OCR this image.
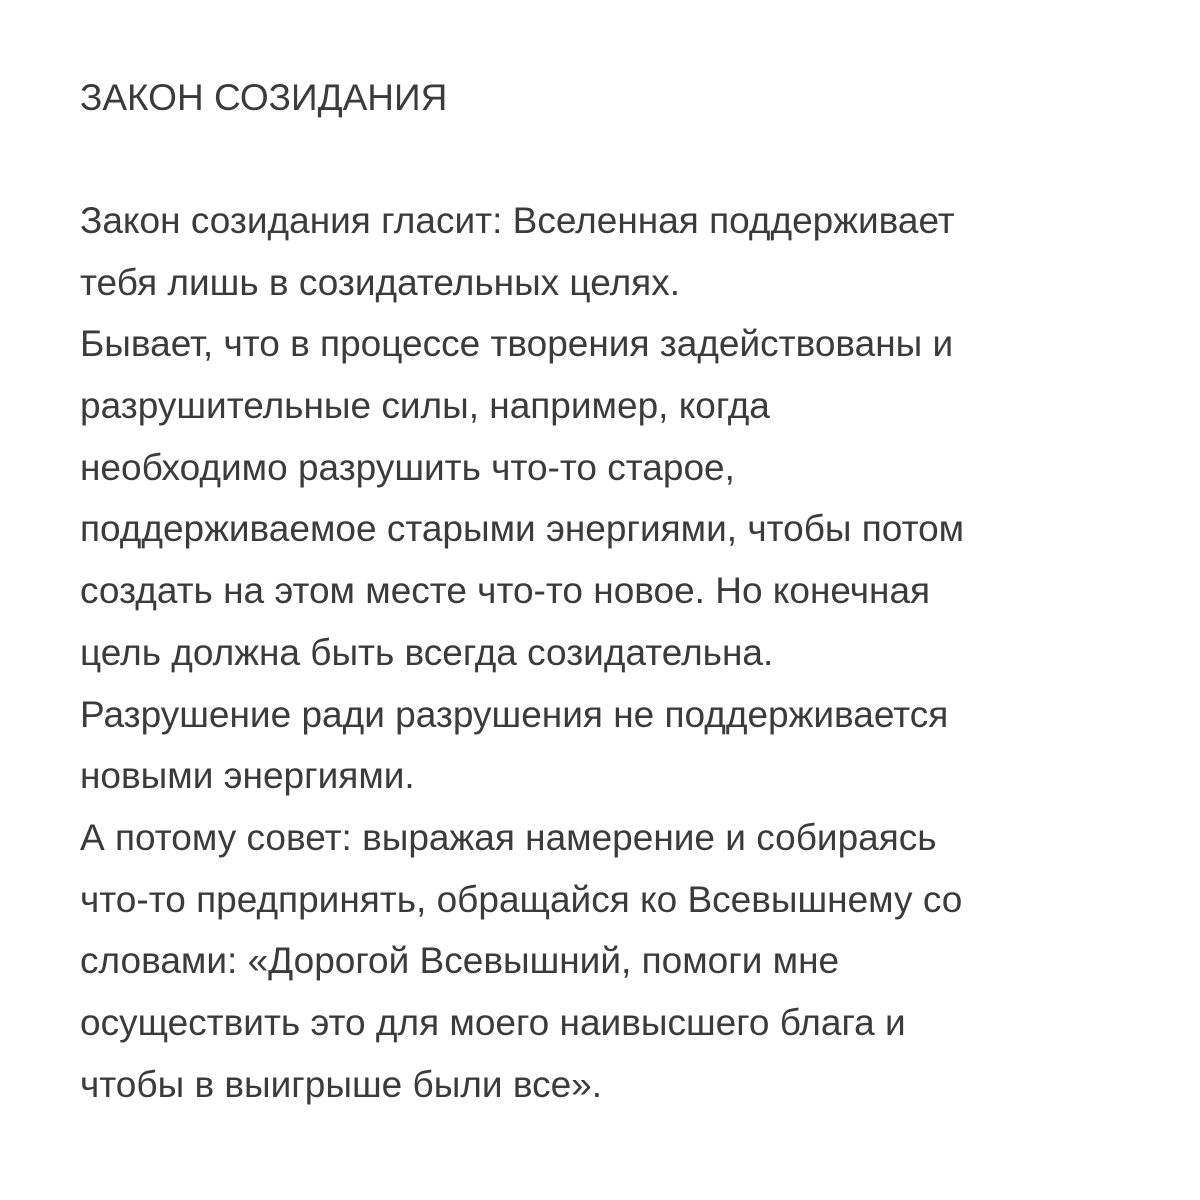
ЗАКОН СОЗИДАНИЯ
Закон созидания гласит: Вселенная поддерживает
тебя лишь в созидательных целях.
Бывает, что в процессе творения задействованы и
разрушительные силы, например, когда
необходимо разрушить что-то старое,
поддерживаемое старыми энергиями, чтобы потом
создать на этом месте что-то новое. Но конечная
цель должна быть всегда созидательна.
Разрушение ради разрушения не поддерживается
новыми энергиями.
А потому совет: выражая намерение и собираясь
что-то предпринять, обращайся ко Всевышнему со
словами: «Дорогой Всевышний, помоги мне
осуществить это для моего наивысшего блага и
чтобы в выигрыше были все».
